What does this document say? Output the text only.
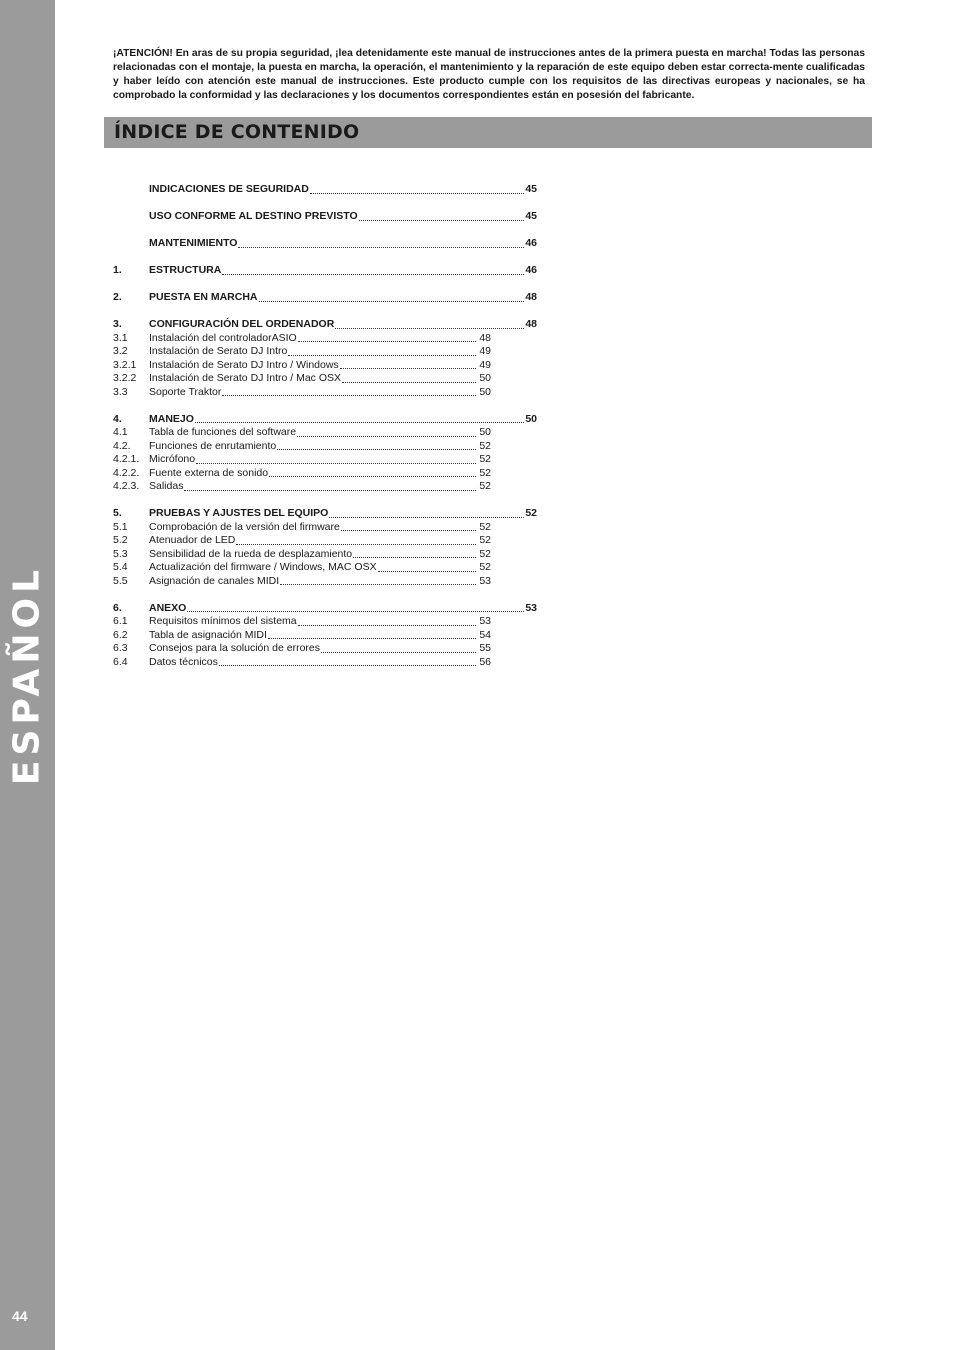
ESPAÑOL
44

¡ATENCIÓN! En aras de su propia seguridad, ¡lea detenidamente este manual de instrucciones antes de la primera puesta en marcha! Todas las personas relacionadas con el montaje, la puesta en marcha, la operación, el mantenimiento y la reparación de este equipo deben estar correcta-mente cualificadas y haber leído con atención este manual de instrucciones. Este producto cumple con los requisitos de las directivas europeas y nacionales, se ha comprobado la conformidad y las declaraciones y los documentos correspondientes están en posesión del fabricante.

ÍNDICE DE CONTENIDO
INDICACIONES DE SEGURIDAD	45
USO CONFORME AL DESTINO PREVISTO	45
MANTENIMIENTO	46
1.	ESTRUCTURA	46
2.	PUESTA EN MARCHA	48
3.	CONFIGURACIÓN DEL ORDENADOR	48
3.1	Instalación del controladorASIO	48
3.2	Instalación de Serato DJ Intro	49
3.2.1	Instalación de Serato DJ Intro / Windows	49
3.2.2	Instalación de Serato DJ Intro / Mac OSX	50
3.3	Soporte Traktor	50
4.	MANEJO	50
4.1	Tabla de funciones del software	50
4.2.	Funciones de enrutamiento	52
4.2.1. Micrófono	52
4.2.2. Fuente externa de sonido	52
4.2.3. Salidas	52
5.	PRUEBAS Y AJUSTES DEL EQUIPO	52
5.1	Comprobación de la versión del firmware	52
5.2	Atenuador de LED	52
5.3	Sensibilidad de la rueda de desplazamiento	52
5.4	Actualización del firmware / Windows, MAC OSX	52
5.5	Asignación de canales MIDI	53
6.	ANEXO	53
6.1	Requisitos mínimos del sistema	53
6.2	Tabla de asignación MIDI	54
6.3	Consejos para la solución de errores	55
6.4	Datos técnicos	56
